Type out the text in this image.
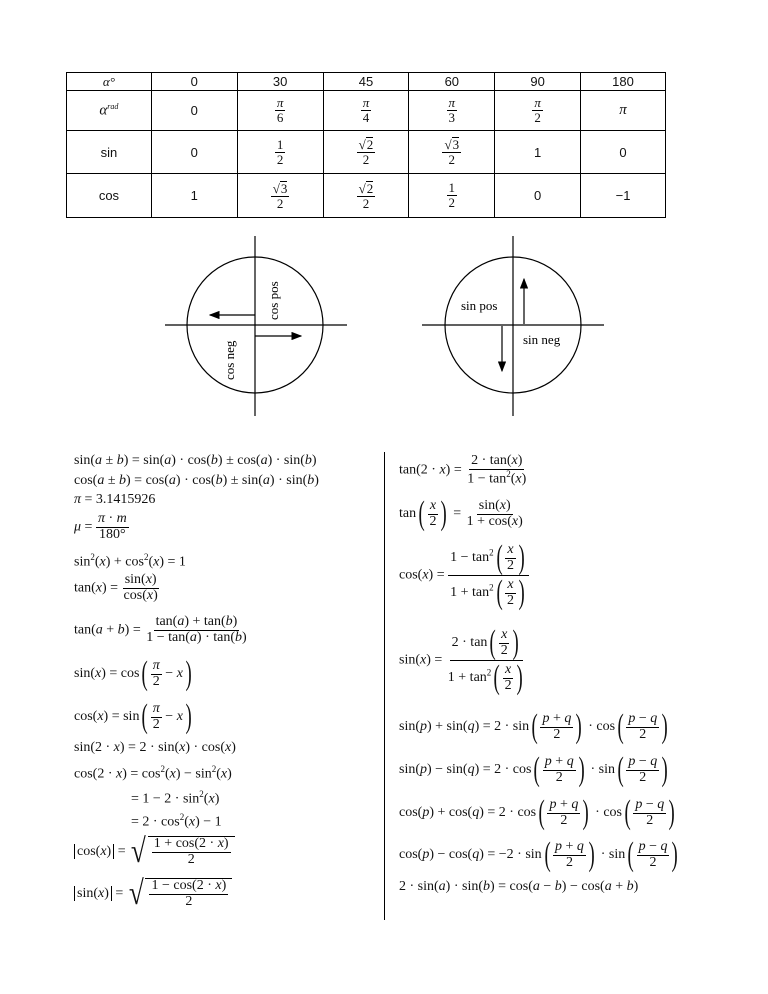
α°	0	30	45	60	90	180
$\alpha^{rad}$	0	$\frac{\pi}{6}$	$\frac{\pi}{4}$	$\frac{\pi}{3}$	$\frac{\pi}{2}$	π
sin	0	$\frac{1}{2}$	$\frac{√2}{2}$	$\frac{√3}{2}$	1	0
cos	1	$\frac{√3}{2}$	$\frac{√2}{2}$	$\frac{1}{2}$	0	−1
cos pos
cos neg
sin pos
sin neg
sin(a ± b) = sin(a) · cos(b) ± cos(a) · sin(b)
cos(a ± b) = cos(a) · cos(b) ± sin(a) · sin(b)
π = 3.1415926
$\mu = \frac{\pi \cdot m}{180^\circ}$
$\sin^2(x) + \cos^2(x) = 1$
$\tan(x) = \frac{\sin(x)}{\cos(x)}$
$\tan(a + b) = \frac{\tan(a) + \tan(b)}{1 - \tan(a) \cdot \tan(b)}$
$\sin(x) = \cos( \frac{\pi}{2} - x)$
$\cos(x) = \sin( \frac{\pi}{2} - x)$
sin(2 · x) = 2 · sin(x) · cos(x)
$\cos(2 \cdot x) = \cos^2(x) - \sin^2(x)$
= $1 - 2 \cdot \sin^2(x)$
= $2 \cdot \cos^2(x) - 1$
cos(x) = √ $\frac{1 + \cos(2 \cdot x)}{2}$
sin(x) = √ $\frac{1 - \cos(2 \cdot x)}{2}$
$\tan(2 \cdot x) = \frac{2 \cdot \tan(x)}{1 - \tan^2(x)}$
$\tan( \frac{x}{2}$ ) = $\frac{\sin(x)}{1 + \cos(x)}$
$\cos(x) = \frac{1 - \tan^2( \frac{x}{2} )}{1 + \tan^2( \frac{x}{2} )}$
$\sin(x) = \frac{2 \cdot \tan( \frac{x}{2} )}{1 + \tan^2( \frac{x}{2} )}$
$\sin(p) + \sin(q) = 2 \cdot \sin( \frac{p + q}{2}$ ) · $\cos( \frac{p - q}{2}$ )
$\sin(p) - \sin(q) = 2 \cdot \cos( \frac{p + q}{2}$ ) · $\sin( \frac{p - q}{2}$ )
$\cos(p) + \cos(q) = 2 \cdot \cos( \frac{p + q}{2}$ ) · $\cos( \frac{p - q}{2}$ )
$\cos(p) - \cos(q) = -2 \cdot \sin( \frac{p + q}{2}$ ) · $\sin( \frac{p - q}{2}$ )
2 · sin(a) · sin(b) = cos(a − b) − cos(a + b)
